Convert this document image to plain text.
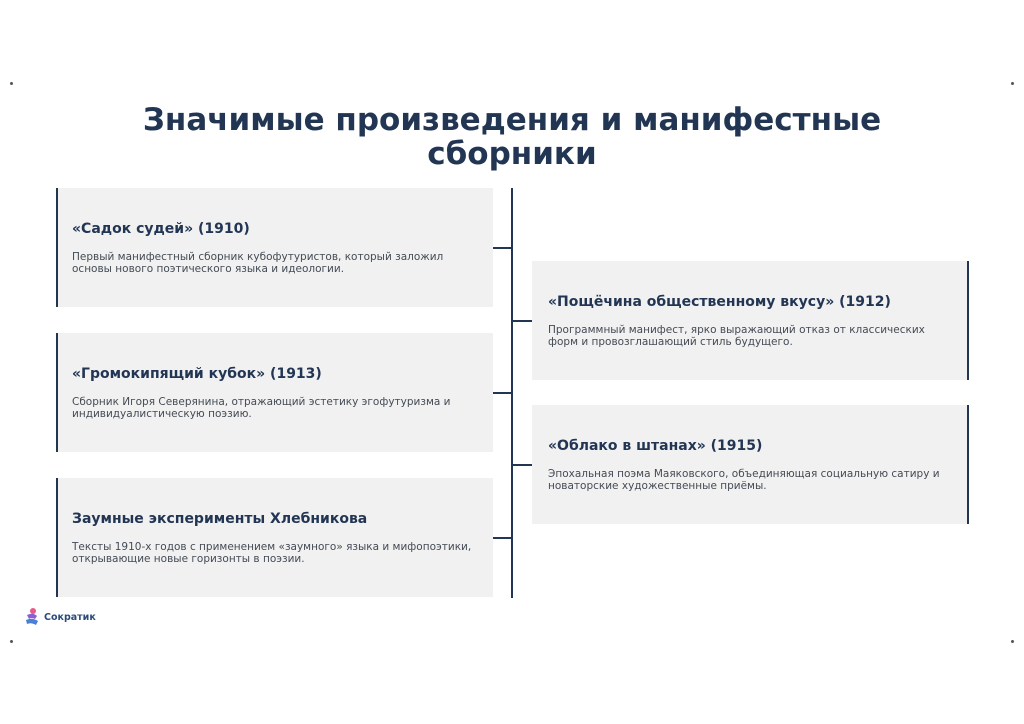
Значимые произведения и манифестные сборники
«Садок судей» (1910)

Первый манифестный сборник кубофутуристов, который заложил основы нового поэтического языка и идеологии.

«Пощёчина общественному вкусу» (1912)

Программный манифест, ярко выражающий отказ от классических форм и провозглашающий стиль будущего.

«Громокипящий кубок» (1913)

Сборник Игоря Северянина, отражающий эстетику эгофутуризма и индивидуалистическую поэзию.

«Облако в штанах» (1915)

Эпохальная поэма Маяковского, объединяющая социальную сатиру и новаторские художественные приёмы.

Заумные эксперименты Хлебникова

Тексты 1910-х годов с применением «заумного» языка и мифопоэтики, открывающие новые горизонты в поэзии.

Сократик
